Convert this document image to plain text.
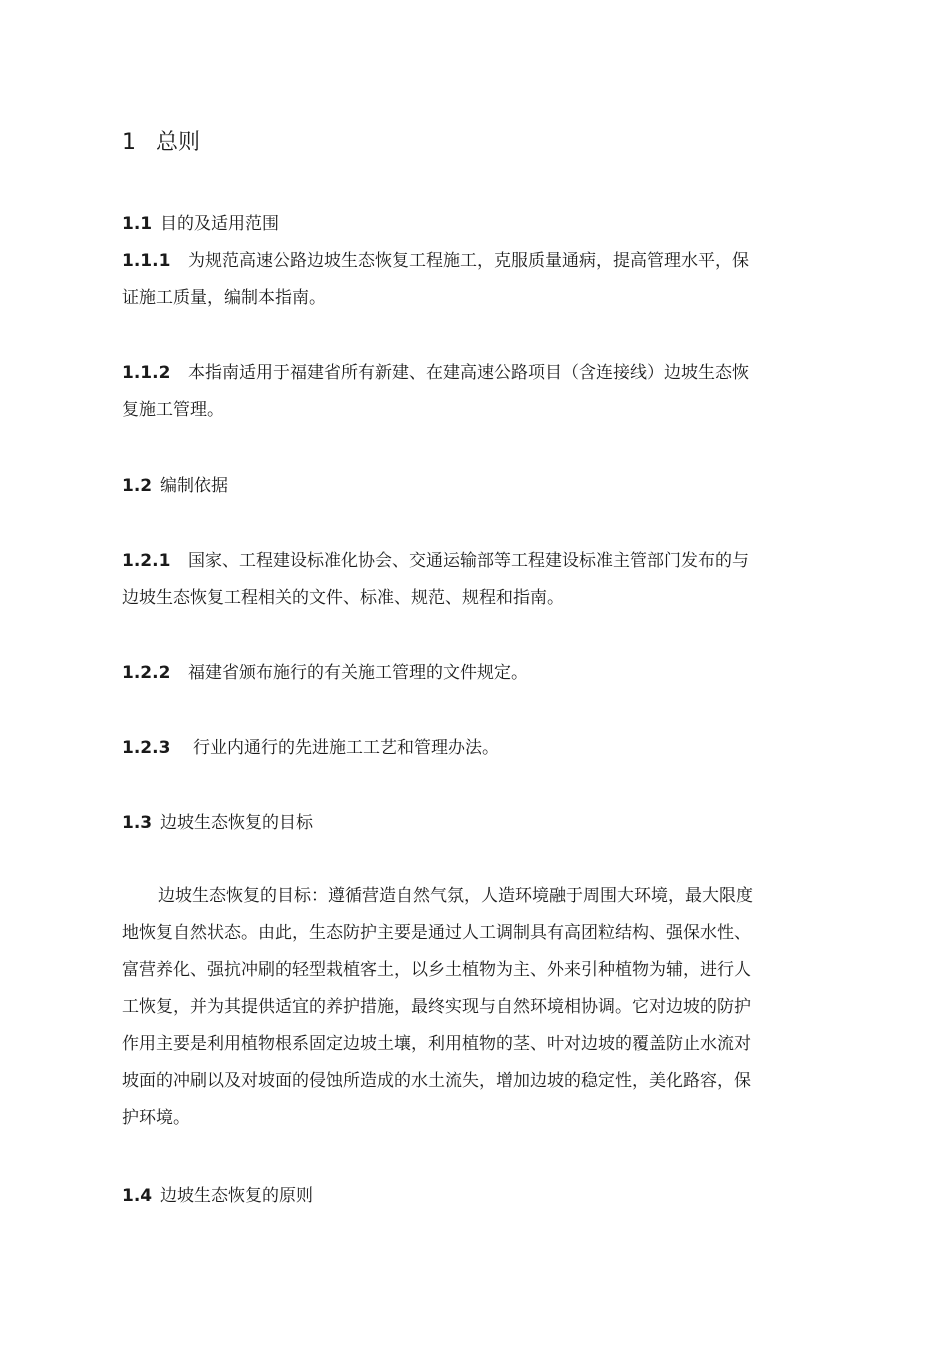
1 总则
1.1 目的及适用范围
1.1.1 为规范高速公路边坡生态恢复工程施工，克服质量通病，提高管理水平，保
证施工质量，编制本指南。
1.1.2 本指南适用于福建省所有新建、在建高速公路项目（含连接线）边坡生态恢
复施工管理。
1.2 编制依据
1.2.1 国家、工程建设标准化协会、交通运输部等工程建设标准主管部门发布的与
边坡生态恢复工程相关的文件、标准、规范、规程和指南。
1.2.2 福建省颁布施行的有关施工管理的文件规定。
1.2.3 行业内通行的先进施工工艺和管理办法。
1.3 边坡生态恢复的目标
边坡生态恢复的目标：遵循营造自然气氛，人造环境融于周围大环境，最大限度
地恢复自然状态。由此，生态防护主要是通过人工调制具有高团粒结构、强保水性、
富营养化、强抗冲刷的轻型栽植客土，以乡土植物为主、外来引种植物为辅，进行人
工恢复，并为其提供适宜的养护措施，最终实现与自然环境相协调。它对边坡的防护
作用主要是利用植物根系固定边坡土壤，利用植物的茎、叶对边坡的覆盖防止水流对
坡面的冲刷以及对坡面的侵蚀所造成的水土流失，增加边坡的稳定性，美化路容，保
护环境。
1.4 边坡生态恢复的原则
